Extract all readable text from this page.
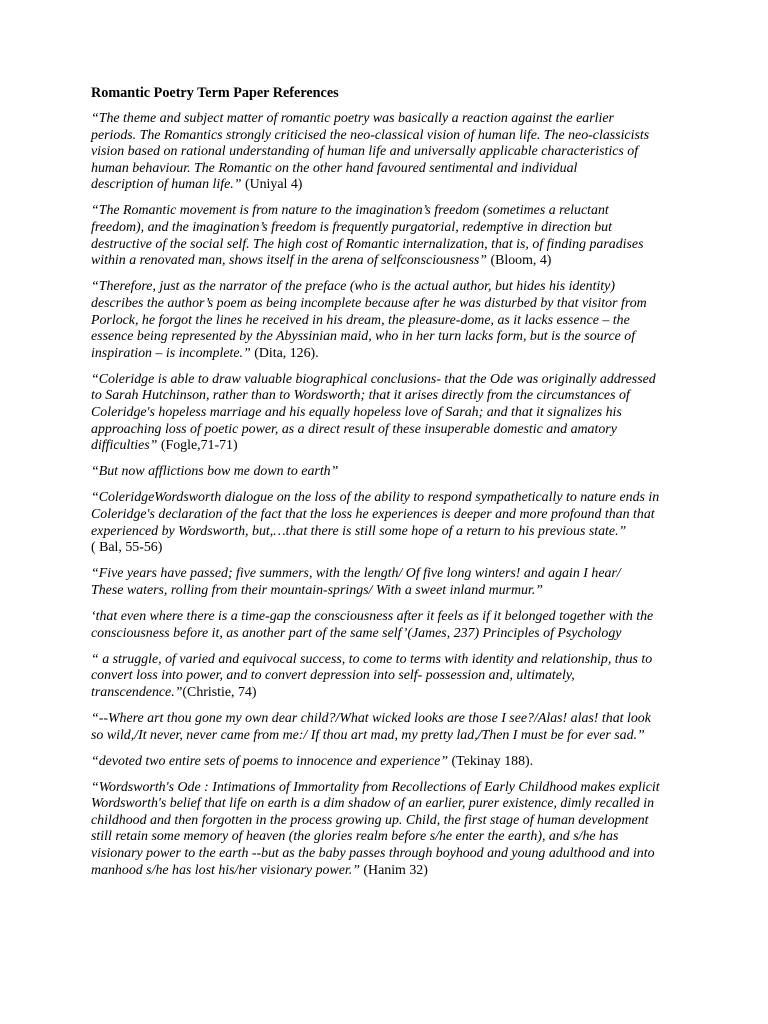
Romantic Poetry Term Paper References

“The theme and subject matter of romantic poetry was basically a reaction against the earlier
periods. The Romantics strongly criticised the neo-classical vision of human life. The neo-classicists
vision based on rational understanding of human life and universally applicable characteristics of
human behaviour. The Romantic on the other hand favoured sentimental and individual
description of human life.” (Uniyal 4)

“The Romantic movement is from nature to the imagination’s freedom (sometimes a reluctant
freedom), and the imagination’s freedom is frequently purgatorial, redemptive in direction but
destructive of the social self. The high cost of Romantic internalization, that is, of finding paradises
within a renovated man, shows itself in the arena of selfconsciousness” (Bloom, 4)

“Therefore, just as the narrator of the preface (who is the actual author, but hides his identity)
describes the author’s poem as being incomplete because after he was disturbed by that visitor from
Porlock, he forgot the lines he received in his dream, the pleasure-dome, as it lacks essence – the
essence being represented by the Abyssinian maid, who in her turn lacks form, but is the source of
inspiration – is incomplete.” (Dita, 126).

“Coleridge is able to draw valuable biographical conclusions- that the Ode was originally addressed
to Sarah Hutchinson, rather than to Wordsworth; that it arises directly from the circumstances of
Coleridge's hopeless marriage and his equally hopeless love of Sarah; and that it signalizes his
approaching loss of poetic power, as a direct result of these insuperable domestic and amatory
difficulties” (Fogle,71-71)

“But now afflictions bow me down to earth”

“ColeridgeWordsworth dialogue on the loss of the ability to respond sympathetically to nature ends in
Coleridge's declaration of the fact that the loss he experiences is deeper and more profound than that
experienced by Wordsworth, but,…that there is still some hope of a return to his previous state.”
( Bal, 55-56)

“Five years have passed; five summers, with the length/ Of five long winters! and again I hear/
These waters, rolling from their mountain-springs/ With a sweet inland murmur.”

‘that even where there is a time-gap the consciousness after it feels as if it belonged together with the
consciousness before it, as another part of the same self’(James, 237) Principles of Psychology

“ a struggle, of varied and equivocal success, to come to terms with identity and relationship, thus to
convert loss into power, and to convert depression into self- possession and, ultimately,
transcendence.”(Christie, 74)

“--Where art thou gone my own dear child?/What wicked looks are those I see?/Alas! alas! that look
so wild,/It never, never came from me:/ If thou art mad, my pretty lad,/Then I must be for ever sad.”

“devoted two entire sets of poems to innocence and experience” (Tekinay 188).

“Wordsworth's Ode : Intimations of Immortality from Recollections of Early Childhood makes explicit
Wordsworth's belief that life on earth is a dim shadow of an earlier, purer existence, dimly recalled in
childhood and then forgotten in the process growing up. Child, the first stage of human development
still retain some memory of heaven (the glories realm before s/he enter the earth), and s/he has
visionary power to the earth --but as the baby passes through boyhood and young adulthood and into
manhood s/he has lost his/her visionary power.” (Hanim 32)
